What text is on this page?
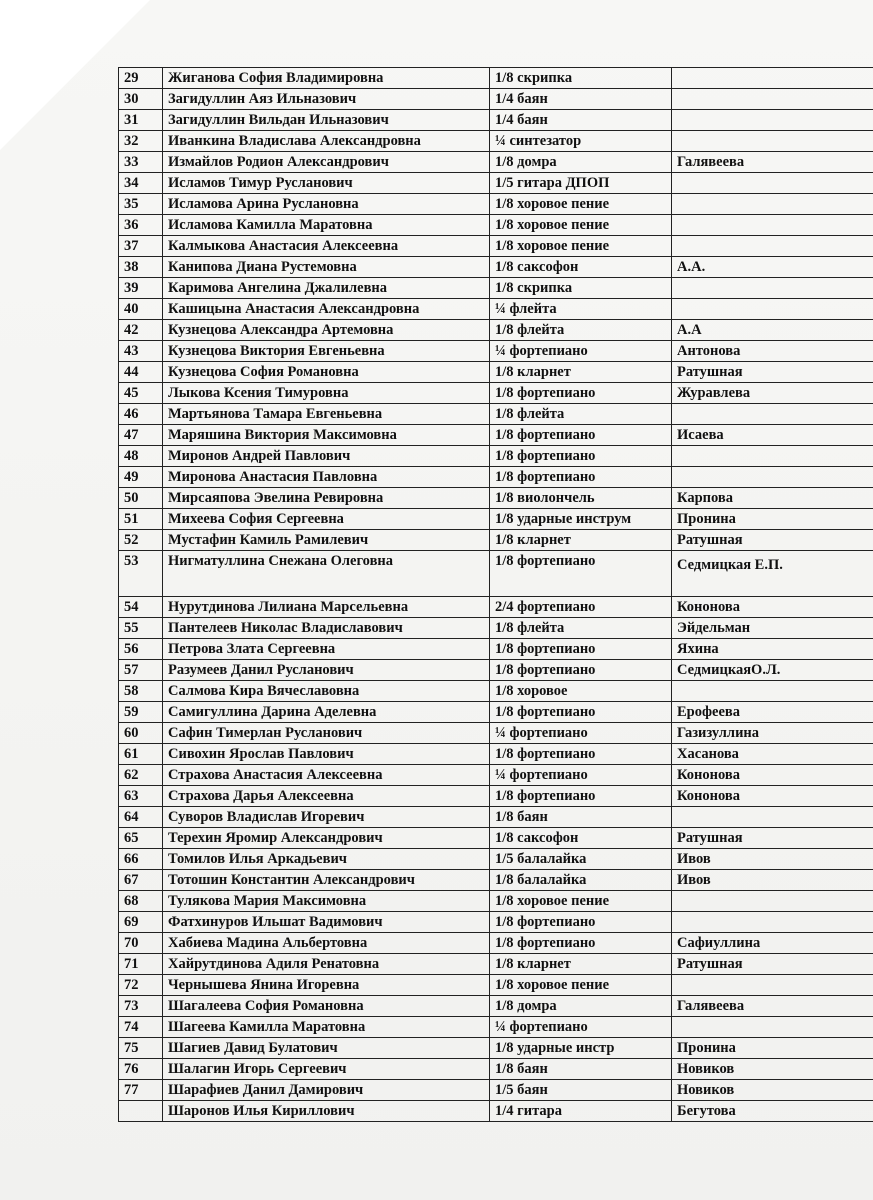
29	Жиганова София Владимировна	1/8 скрипка	
30	Загидуллин Аяз Ильназович	1/4 баян	
31	Загидуллин Вильдан Ильназович	1/4 баян	
32	Иванкина Владислава Александровна	¼ синтезатор	
33	Измайлов Родион Александрович	1/8 домра	Галявеева
34	Исламов Тимур Русланович	1/5 гитара ДПОП	
35	Исламова Арина Руслановна	1/8 хоровое пение	
36	Исламова Камилла Маратовна	1/8 хоровое пение	
37	Калмыкова Анастасия Алексеевна	1/8 хоровое пение	
38	Канипова Диана Рустемовна	1/8 саксофон	А.А.
39	Каримова Ангелина Джалилевна	1/8 скрипка	
40	Кашицына Анастасия Александровна	¼ флейта	
42	Кузнецова Александра Артемовна	1/8 флейта	А.А
43	Кузнецова Виктория Евгеньевна	¼ фортепиано	Антонова
44	Кузнецова София Романовна	1/8 кларнет	Ратушная
45	Лыкова Ксения Тимуровна	1/8 фортепиано	Журавлева
46	Мартьянова Тамара Евгеньевна	1/8 флейта	
47	Маряшина Виктория Максимовна	1/8 фортепиано	Исаева
48	Миронов Андрей Павлович	1/8 фортепиано	
49	Миронова Анастасия Павловна	1/8 фортепиано	
50	Мирсаяпова Эвелина Ревировна	1/8 виолончель	Карпова
51	Михеева София Сергеевна	1/8 ударные инструм	Пронина
52	Мустафин Камиль Рамилевич	1/8 кларнет	Ратушная
53	Нигматуллина Снежана Олеговна	1/8 фортепиано	Седмицкая Е.П.
54	Нурутдинова Лилиана Марсельевна	2/4 фортепиано	Кононова
55	Пантелеев Николас Владиславович	1/8 флейта	Эйдельман
56	Петрова Злата Сергеевна	1/8 фортепиано	Яхина
57	Разумеев Данил Русланович	1/8 фортепиано	СедмицкаяО.Л.
58	Салмова Кира Вячеславовна	1/8 хоровое	
59	Самигуллина Дарина Аделевна	1/8 фортепиано	Ерофеева
60	Сафин Тимерлан Русланович	¼ фортепиано	Газизуллина
61	Сивохин Ярослав Павлович	1/8 фортепиано	Хасанова
62	Страхова Анастасия Алексеевна	¼ фортепиано	Кононова
63	Страхова Дарья Алексеевна	1/8 фортепиано	Кононова
64	Суворов Владислав Игоревич	1/8 баян	
65	Терехин Яромир Александрович	1/8 саксофон	Ратушная
66	Томилов Илья Аркадьевич	1/5 балалайка	Ивов
67	Тотошин Константин Александрович	1/8 балалайка	Ивов
68	Тулякова Мария Максимовна	1/8 хоровое пение	
69	Фатхинуров Ильшат Вадимович	1/8 фортепиано	
70	Хабиева Мадина Альбертовна	1/8 фортепиано	Сафиуллина
71	Хайрутдинова Адиля Ренатовна	1/8 кларнет	Ратушная
72	Чернышева Янина Игоревна	1/8 хоровое пение	
73	Шагалеева София Романовна	1/8 домра	Галявеева
74	Шагеева Камилла Маратовна	¼ фортепиано	
75	Шагиев Давид Булатович	1/8 ударные инстр	Пронина
76	Шалагин Игорь Сергеевич	1/8 баян	Новиков
77	Шарафиев Данил Дамирович	1/5 баян	Новиков
	Шаронов Илья Кириллович	1/4 гитара	Бегутова
